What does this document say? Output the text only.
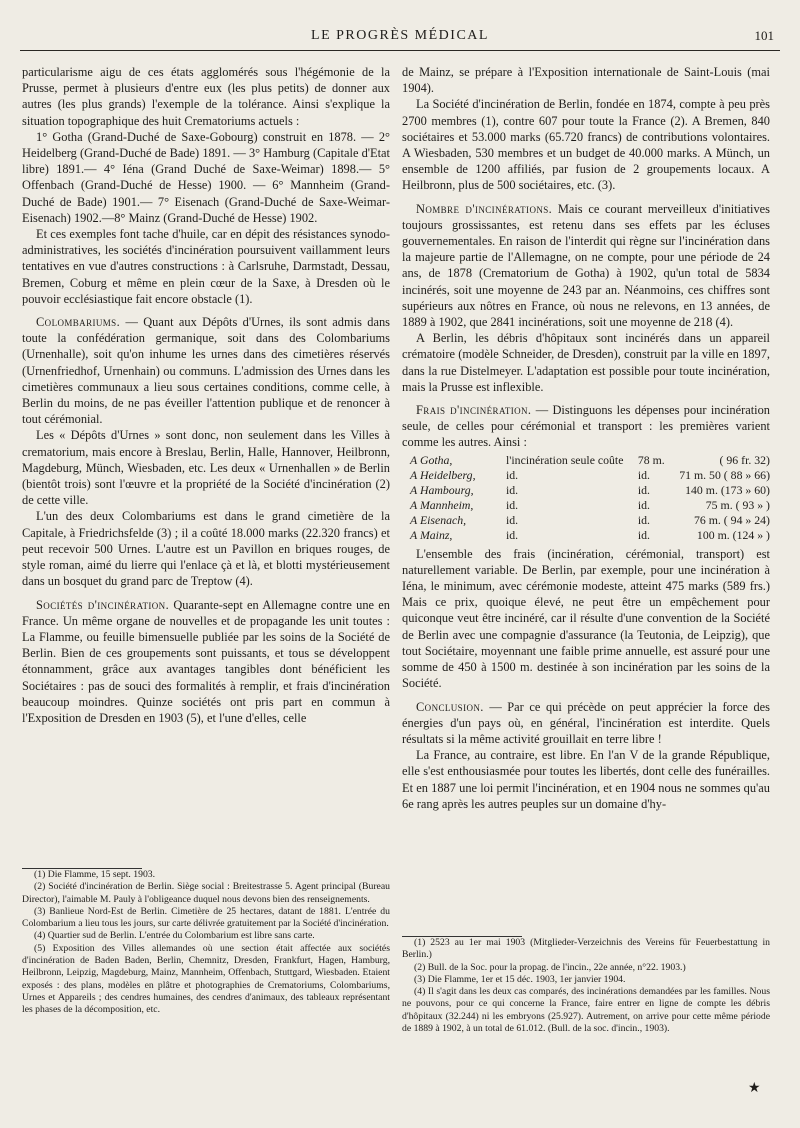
LE PROGRÈS MÉDICAL	101

particularisme aigu de ces états agglomérés sous l'hégémonie de la Prusse, permet à plusieurs d'entre eux (les plus petits) de donner aux autres (les plus grands) l'exemple de la tolérance. Ainsi s'explique la situation topographique des huit Crematoriums actuels :

1° Gotha (Grand-Duché de Saxe-Gobourg) construit en 1878. — 2° Heidelberg (Grand-Duché de Bade) 1891. — 3° Hamburg (Capitale d'Etat libre) 1891.— 4° Iéna (Grand Duché de Saxe-Weimar) 1898.— 5° Offenbach (Grand-Duché de Hesse) 1900. — 6° Mannheim (Grand-Duché de Bade) 1901.— 7° Eisenach (Grand-Duché de Saxe-Weimar-Eisenach) 1902.—8° Mainz (Grand-Duché de Hesse) 1902.

Et ces exemples font tache d'huile, car en dépit des résistances synodo-administratives, les sociétés d'incinération poursuivent vaillamment leurs tentatives en vue d'autres constructions : à Carlsruhe, Darmstadt, Dessau, Bremen, Coburg et même en plein cœur de la Saxe, à Dresden où le pouvoir ecclésiastique fait encore obstacle (1).

Colombariums. — Quant aux Dépôts d'Urnes, ils sont admis dans toute la confédération germanique, soit dans des Colombariums (Urnenhalle), soit qu'on inhume les urnes dans des cimetières réservés (Urnenfriedhof, Urnenhain) ou communs. L'admission des Urnes dans les cimetières communaux a lieu sous certaines conditions, comme celle, à Berlin du moins, de ne pas éveiller l'attention publique et de renoncer à tout cérémonial.

Les « Dépôts d'Urnes » sont donc, non seulement dans les Villes à crematorium, mais encore à Breslau, Berlin, Halle, Hannover, Heilbronn, Magdeburg, Münch, Wiesbaden, etc. Les deux « Urnenhallen » de Berlin (bientôt trois) sont l'œuvre et la propriété de la Société d'incinération (2) de cette ville.

L'un des deux Colombariums est dans le grand cimetière de la Capitale, à Friedrichsfelde (3) ; il a coûté 18.000 marks (22.320 francs) et peut recevoir 500 Urnes. L'autre est un Pavillon en briques rouges, de style roman, aimé du lierre qui l'enlace çà et là, et blotti mystérieusement dans un bosquet du grand parc de Treptow (4).

Sociétés d'incinération. Quarante-sept en Allemagne contre une en France. Un même organe de nouvelles et de propagande les unit toutes : La Flamme, ou feuille bimensuelle publiée par les soins de la Société de Berlin. Bien de ces groupements sont puissants, et tous se développent étonnamment, grâce aux avantages tangibles dont bénéficient les Sociétaires : pas de souci des formalités à remplir, et frais d'incinération beaucoup moindres. Quinze sociétés ont pris part en commun à l'Exposition de Dresden en 1903 (5), et l'une d'elles, celle

(1) Die Flamme, 15 sept. 1903.

(2) Société d'incinération de Berlin. Siège social : Breitestrasse 5. Agent principal (Bureau Director), l'aimable M. Pauly à l'obligeance duquel nous devons bien des renseignements.

(3) Banlieue Nord-Est de Berlin. Cimetière de 25 hectares, datant de 1881. L'entrée du Colombarium a lieu tous les jours, sur carte délivrée gratuitement par la Société d'incinération.

(4) Quartier sud de Berlin. L'entrée du Colombarium est libre sans carte.

(5) Exposition des Villes allemandes où une section était affectée aux sociétés d'incinération de Baden Baden, Berlin, Chemnitz, Dresden, Frankfurt, Hagen, Hamburg, Heilbronn, Leipzig, Magdeburg, Mainz, Mannheim, Offenbach, Stuttgard, Wiesbaden. Etaient exposés : des plans, modèles en plâtre et photographies de Crematoriums, Colombariums, Urnes et Appareils ; des cendres humaines, des cendres d'animaux, des tableaux représentant les phases de la décomposition, etc.

de Mainz, se prépare à l'Exposition internationale de Saint-Louis (mai 1904).

La Société d'incinération de Berlin, fondée en 1874, compte à peu près 2700 membres (1), contre 607 pour toute la France (2). A Bremen, 840 sociétaires et 53.000 marks (65.720 francs) de contributions volontaires. A Wiesbaden, 530 membres et un budget de 40.000 marks. A Münch, un ensemble de 1200 affiliés, par fusion de 2 groupements locaux. A Heilbronn, plus de 500 sociétaires, etc. (3).

Nombre d'incinérations. Mais ce courant merveilleux d'initiatives toujours grossissantes, est retenu dans ses effets par les écluses gouvernementales. En raison de l'interdit qui règne sur l'incinération dans la majeure partie de l'Allemagne, on ne compte, pour une période de 24 ans, de 1878 (Crematorium de Gotha) à 1902, qu'un total de 5834 incinérés, soit une moyenne de 243 par an. Néanmoins, ces chiffres sont supérieurs aux nôtres en France, où nous ne relevons, en 13 années, de 1889 à 1902, que 2841 incinérations, soit une moyenne de 218 (4).

A Berlin, les débris d'hôpitaux sont incinérés dans un appareil crématoire (modèle Schneider, de Dresden), construit par la ville en 1897, dans la rue Distelmeyer. L'adaptation est possible pour toute incinération, mais la Prusse est inflexible.

Frais d'incinération. — Distinguons les dépenses pour incinération seule, de celles pour cérémonial et transport : les premières varient comme les autres. Ainsi :

A Gotha,	l'incinération seule coûte	78 m.	( 96 fr. 32)
A Heidelberg,	id.	id.	71 m. 50 ( 88 » 66)
A Hambourg,	id.	id.	140 m. (173 » 60)
A Mannheim,	id.	id.	75 m. ( 93 » )
A Eisenach,	id.	id.	76 m. ( 94 » 24)
A Mainz,	id.	id.	100 m. (124 » )

L'ensemble des frais (incinération, cérémonial, transport) est naturellement variable. De Berlin, par exemple, pour une incinération à Iéna, le minimum, avec cérémonie modeste, atteint 475 marks (589 frs.) Mais ce prix, quoique élevé, ne peut être un empêchement pour quiconque veut être incinéré, car il résulte d'une convention de la Société de Berlin avec une compagnie d'assurance (la Teutonia, de Leipzig), que tout Sociétaire, moyennant une faible prime annuelle, est assuré pour une somme de 450 à 1500 m. destinée à son incinération par les soins de la Société.

Conclusion. — Par ce qui précède on peut apprécier la force des énergies d'un pays où, en général, l'incinération est interdite. Quels résultats si la même activité grouillait en terre libre !

La France, au contraire, est libre. En l'an V de la grande République, elle s'est enthousiasmée pour toutes les libertés, dont celle des funérailles. Et en 1887 une loi permit l'incinération, et en 1904 nous ne sommes qu'au 6e rang après les autres peuples sur un domaine d'hy-

(1) 2523 au 1er mai 1903 (Mitglieder-Verzeichnis des Vereins für Feuerbestattung in Berlin.)

(2) Bull. de la Soc. pour la propag. de l'incin., 22e année, n°22. 1903.)

(3) Die Flamme, 1er et 15 déc. 1903, 1er janvier 1904.

(4) Il s'agit dans les deux cas comparés, des incinérations demandées par les familles. Nous ne pouvons, pour ce qui concerne la France, faire entrer en ligne de compte les débris d'hôpitaux (32.244) ni les embryons (25.927). Autrement, on arrive pour cette même période de 1889 à 1902, à un total de 61.012. (Bull. de la soc. d'incin., 1903).

★
